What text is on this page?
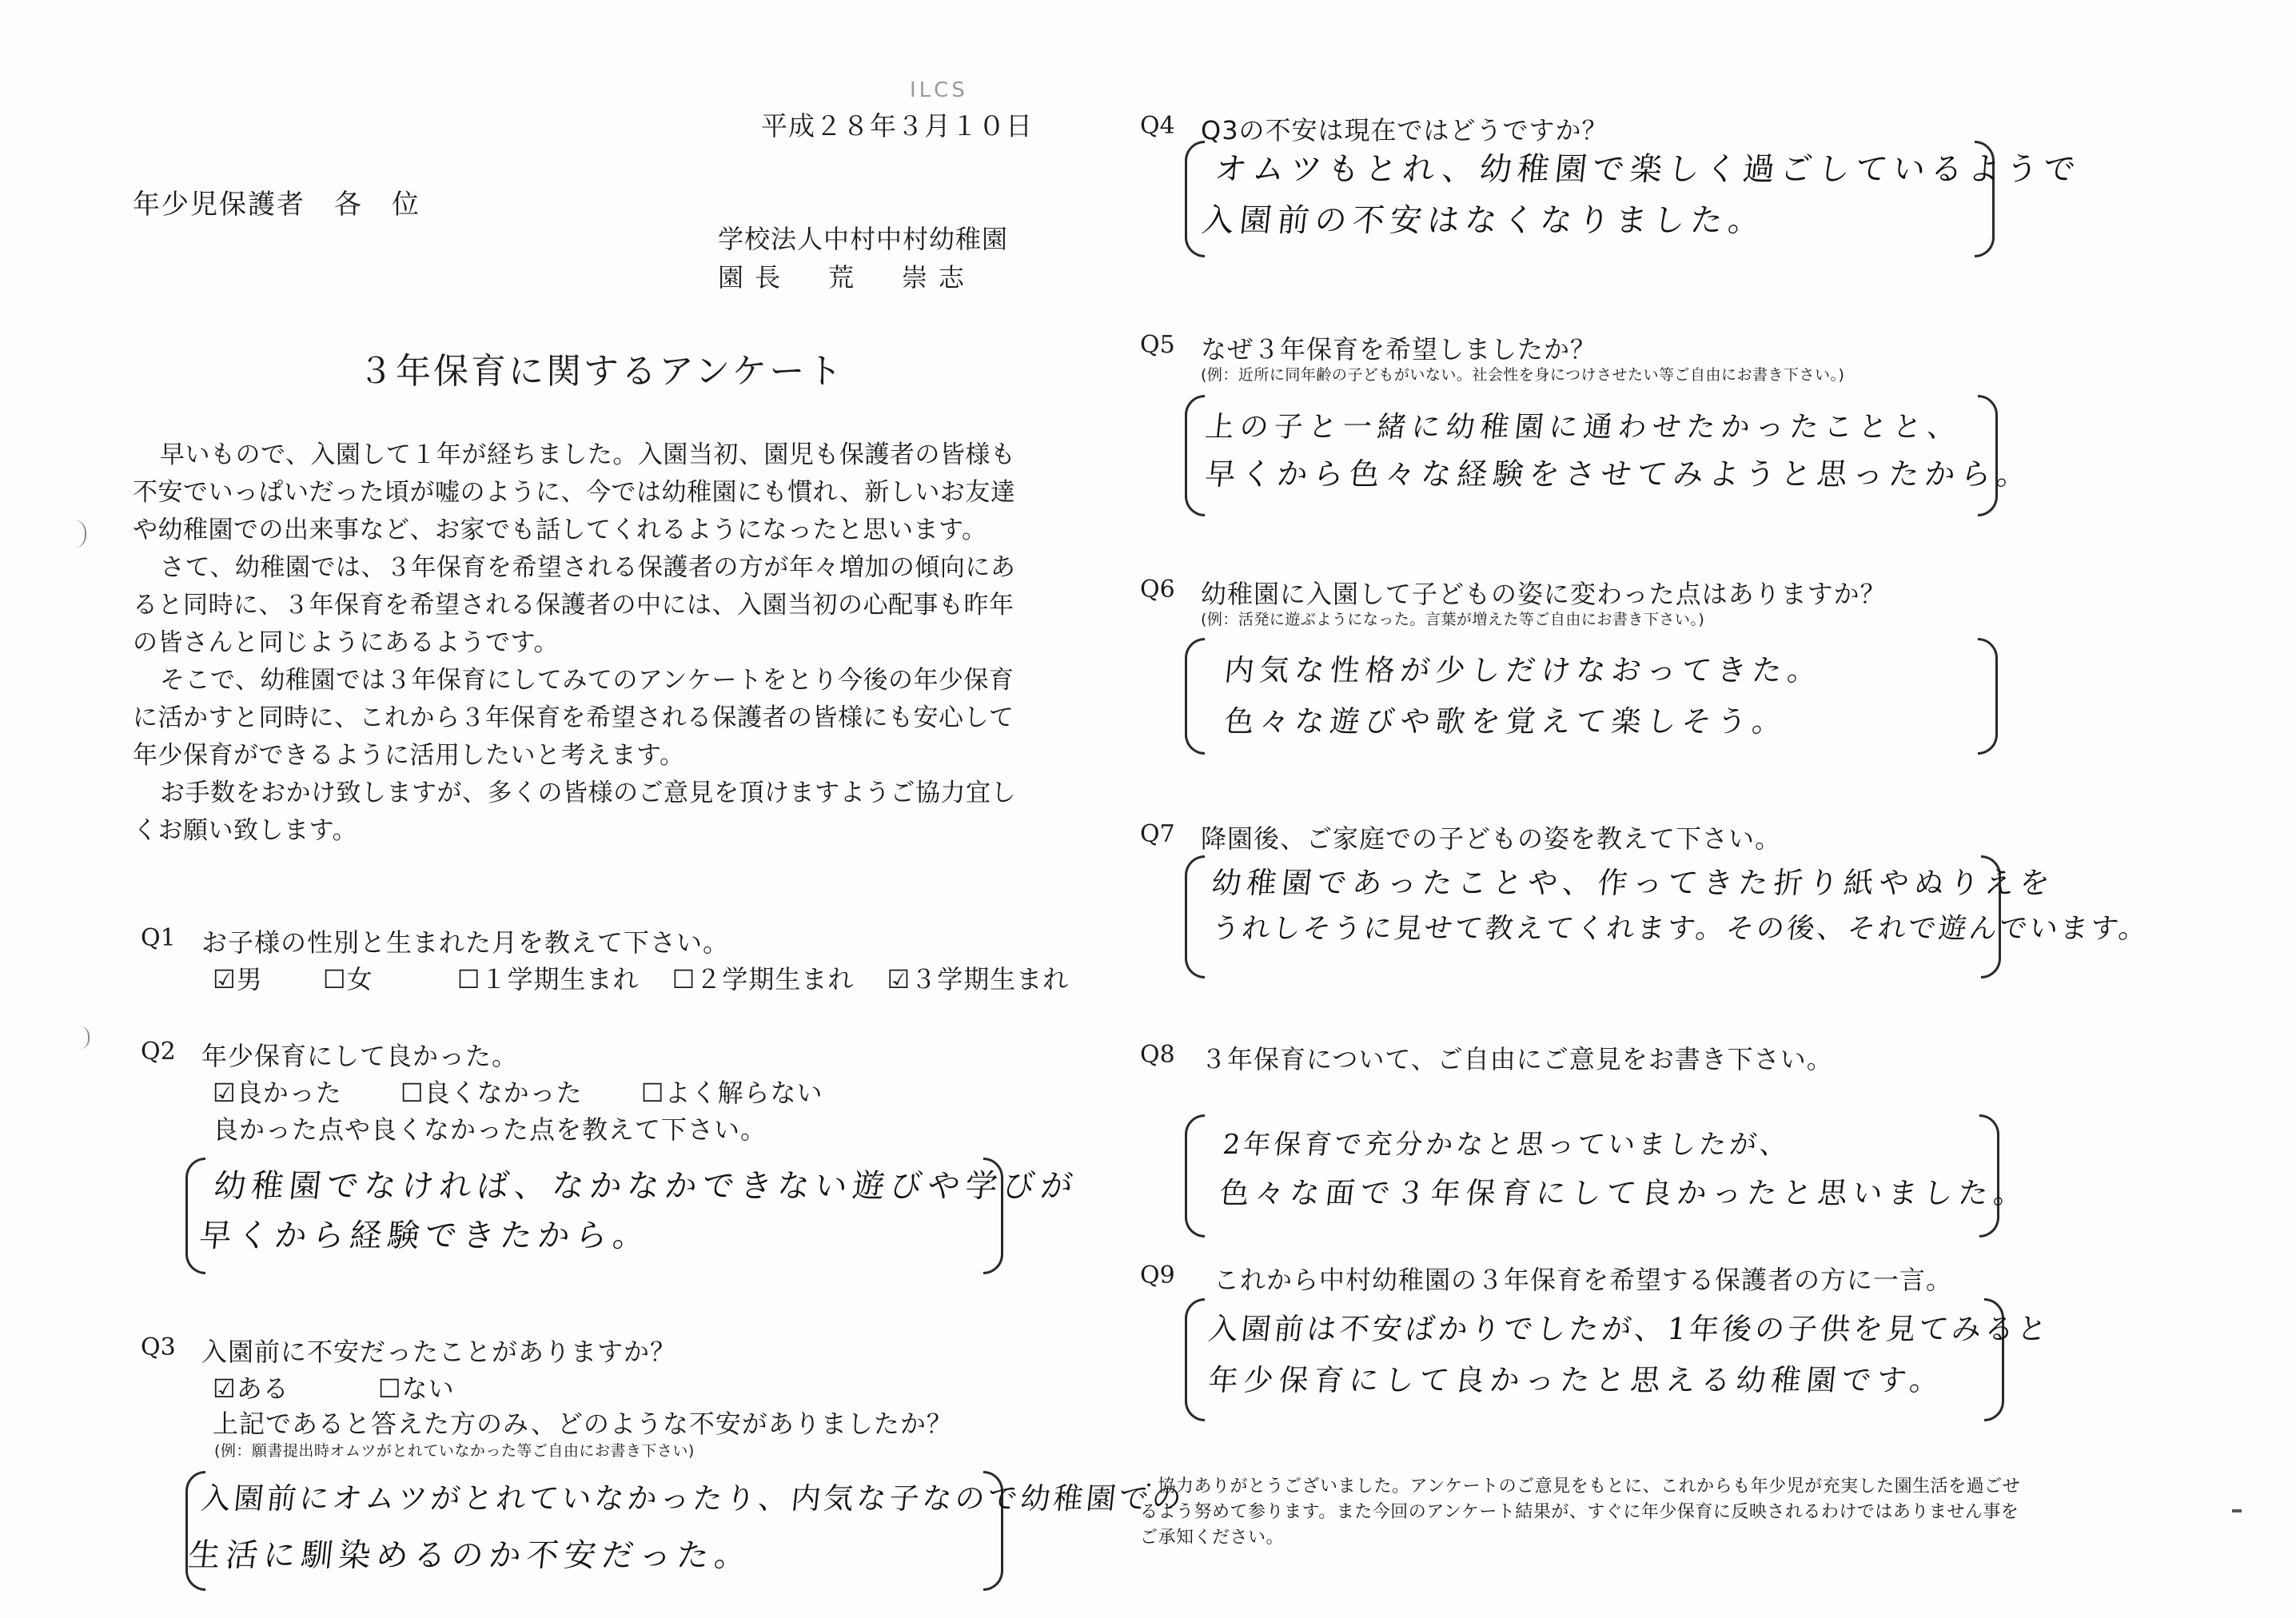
ILCS
平成２８年３月１０日
年少児保護者　各　位
学校法人中村中村幼稚園
園長　荒　崇志
３年保育に関するアンケート

早いもので、入園して１年が経ちました。入園当初、園児も保護者の皆様も不安でいっぱいだった頃が嘘のように、今では幼稚園にも慣れ、新しいお友達や幼稚園での出来事など、お家でも話してくれるようになったと思います。

さて、幼稚園では、３年保育を希望される保護者の方が年々増加の傾向にあると同時に、３年保育を希望される保護者の中には、入園当初の心配事も昨年の皆さんと同じようにあるようです。

そこで、幼稚園では３年保育にしてみてのアンケートをとり今後の年少保育に活かすと同時に、これから３年保育を希望される保護者の皆様にも安心して年少保育ができるように活用したいと考えます。

お手数をおかけ致しますが、多くの皆様のご意見を頂けますようご協力宜しくお願い致します。

Q1 お子様の性別と生まれた月を教えて下さい。
☑男 ☐女	☐１学期生まれ ☐２学期生まれ ☑３学期生まれ
Q2 年少保育にして良かった。
☑良かった ☐良くなかった ☐よく解らない
良かった点や良くなかった点を教えて下さい。
幼稚園でなければ、なかなかできない遊びや学びが
早くから経験できたから。
Q3 入園前に不安だったことがありますか？
☑ある	☐ない
上記であると答えた方のみ、どのような不安がありましたか？
(例：願書提出時オムツがとれていなかった等ご自由にお書き下さい)
入園前にオムツがとれていなかったり、内気な子なので幼稚園での
生活に馴染めるのか不安だった。
Q4 Q3の不安は現在ではどうですか？
オムツもとれ、幼稚園で楽しく過ごしているようで
入園前の不安はなくなりました。
Q5 なぜ３年保育を希望しましたか？
(例：近所に同年齢の子どもがいない。社会性を身につけさせたい等ご自由にお書き下さい。)
上の子と一緒に幼稚園に通わせたかったことと、
早くから色々な経験をさせてみようと思ったから。
Q6 幼稚園に入園して子どもの姿に変わった点はありますか？
(例：活発に遊ぶようになった。言葉が増えた等ご自由にお書き下さい。)
内気な性格が少しだけなおってきた。
色々な遊びや歌を覚えて楽しそう。
Q7 降園後、ご家庭での子どもの姿を教えて下さい。
幼稚園であったことや、作ってきた折り紙やぬりえを
うれしそうに見せて教えてくれます。その後、それで遊んでいます。
Q8 ３年保育について、ご自由にご意見をお書き下さい。
2年保育で充分かなと思っていましたが、
色々な面で３年保育にして良かったと思いました。
Q9 これから中村幼稚園の３年保育を希望する保護者の方に一言。
入園前は不安ばかりでしたが、1年後の子供を見てみると
年少保育にして良かったと思える幼稚園です。
・協力ありがとうございました。アンケートのご意見をもとに、これからも年少児が充実した園生活を過ごせるよう努めて参ります。また今回のアンケート結果が、すぐに年少保育に反映されるわけではありません事をご承知ください。
